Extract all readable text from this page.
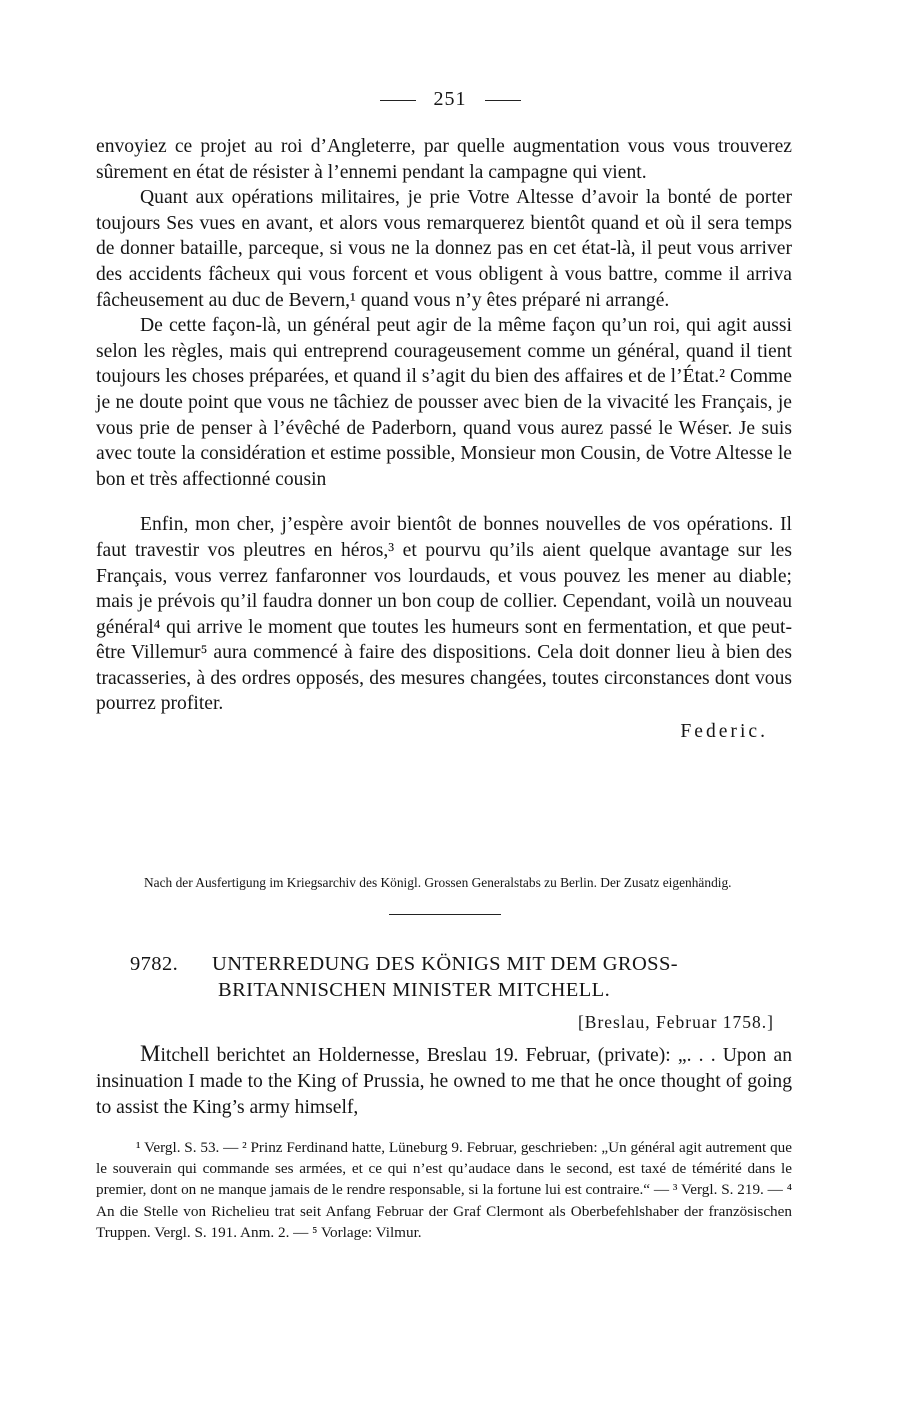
251

envoyiez ce projet au roi d’Angleterre, par quelle augmentation vous vous trouverez sûrement en état de résister à l’ennemi pendant la campagne qui vient.

Quant aux opérations militaires, je prie Votre Altesse d’avoir la bonté de porter toujours Ses vues en avant, et alors vous remarquerez bientôt quand et où il sera temps de donner bataille, parceque, si vous ne la donnez pas en cet état-là, il peut vous arriver des accidents fâcheux qui vous forcent et vous obligent à vous battre, comme il arriva fâcheusement au duc de Bevern,¹ quand vous n’y êtes préparé ni arrangé.

De cette façon-là, un général peut agir de la même façon qu’un roi, qui agit aussi selon les règles, mais qui entreprend courageusement comme un général, quand il tient toujours les choses préparées, et quand il s’agit du bien des affaires et de l’État.² Comme je ne doute point que vous ne tâchiez de pousser avec bien de la vivacité les Français, je vous prie de penser à l’évêché de Paderborn, quand vous aurez passé le Wéser. Je suis avec toute la considération et estime possible, Monsieur mon Cousin, de Votre Altesse le bon et très affectionné cousin

Enfin, mon cher, j’espère avoir bientôt de bonnes nouvelles de vos opérations. Il faut travestir vos pleutres en héros,³ et pourvu qu’ils aient quelque avantage sur les Français, vous verrez fanfaronner vos lourdauds, et vous pouvez les mener au diable; mais je prévois qu’il faudra donner un bon coup de collier. Cependant, voilà un nouveau général⁴ qui arrive le moment que toutes les humeurs sont en fermentation, et que peut-être Villemur⁵ aura commencé à faire des dispositions. Cela doit donner lieu à bien des tracasseries, à des ordres opposés, des mesures changées, toutes circonstances dont vous pourrez profiter.

Federic.

Nach der Ausfertigung im Kriegsarchiv des Königl. Grossen Generalstabs zu Berlin. Der Zusatz eigenhändig.
9782. UNTERREDUNG DES KÖNIGS MIT DEM GROSS-
BRITANNISCHEN MINISTER MITCHELL.
[Breslau, Februar 1758.]

Mitchell berichtet an Holdernesse, Breslau 19. Februar, (private): „. . . Upon an insinuation I made to the King of Prussia, he owned to me that he once thought of going to assist the King’s army himself,

¹ Vergl. S. 53. — ² Prinz Ferdinand hatte, Lüneburg 9. Februar, geschrieben: „Un général agit autrement que le souverain qui commande ses armées, et ce qui n’est qu’audace dans le second, est taxé de témérité dans le premier, dont on ne manque jamais de le rendre responsable, si la fortune lui est contraire.“ — ³ Vergl. S. 219. — ⁴ An die Stelle von Richelieu trat seit Anfang Februar der Graf Clermont als Oberbefehlshaber der französischen Truppen. Vergl. S. 191. Anm. 2. — ⁵ Vorlage: Vilmur.
